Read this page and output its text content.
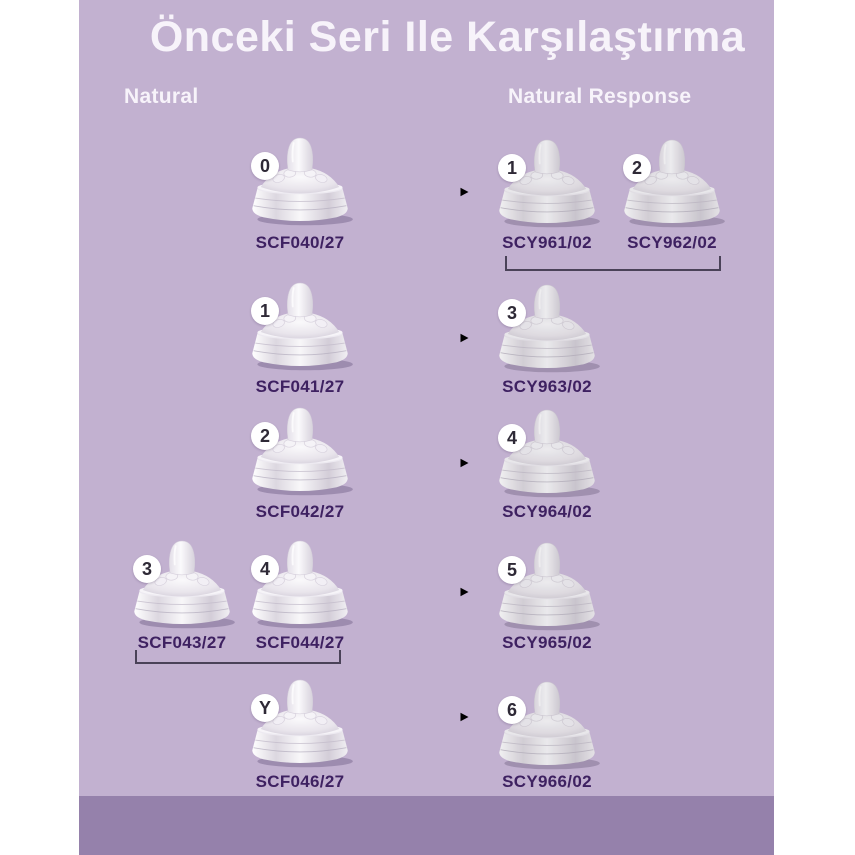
Önceki Seri Ile Karşılaştırma
Natural	Natural Response
0
SCF040/27
1
SCY961/02
2
SCY962/02
1
SCF041/27
3
SCY963/02
2
SCF042/27
4
SCY964/02
3
SCF043/27
4
SCF044/27
5
SCY965/02
Y
SCF046/27
6
SCY966/02
